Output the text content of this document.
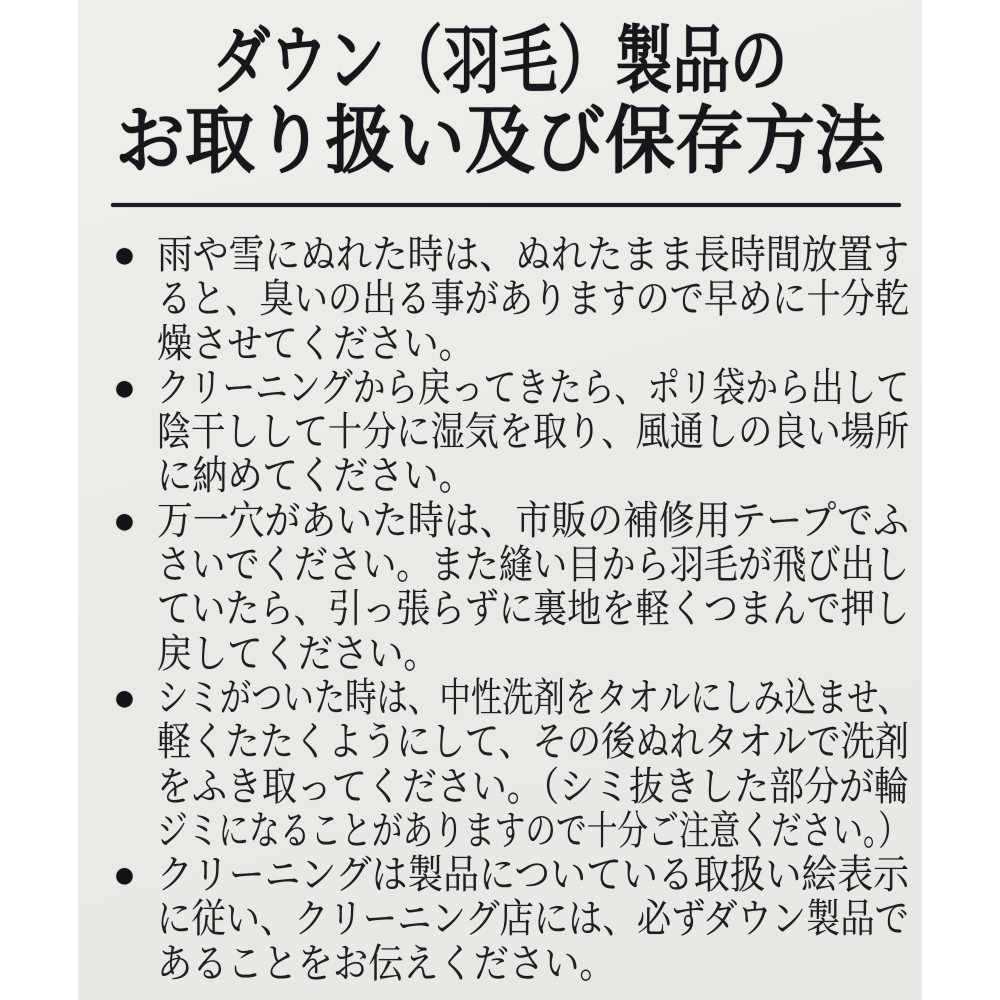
ダウン（羽毛）製品の
お取り扱い及び保存方法
● 雨や雪にぬれた時は、ぬれたまま長時間放置す
ると、臭いの出る事がありますので早めに十分乾
燥させてください。
● クリーニングから戻ってきたら、ポリ袋から出して
陰干しして十分に湿気を取り、風通しの良い場所
に納めてください。
● 万一穴があいた時は、市販の補修用テープでふ
さいでください。また縫い目から羽毛が飛び出し
ていたら、引っ張らずに裏地を軽くつまんで押し
戻してください。
● シミがついた時は、中性洗剤をタオルにしみ込ませ、
軽くたたくようにして、その後ぬれタオルで洗剤
をふき取ってください。（シミ抜きした部分が輪
ジミになることがありますので十分ご注意ください。）
● クリーニングは製品についている取扱い絵表示
に従い、クリーニング店には、必ずダウン製品で
あることをお伝えください。
